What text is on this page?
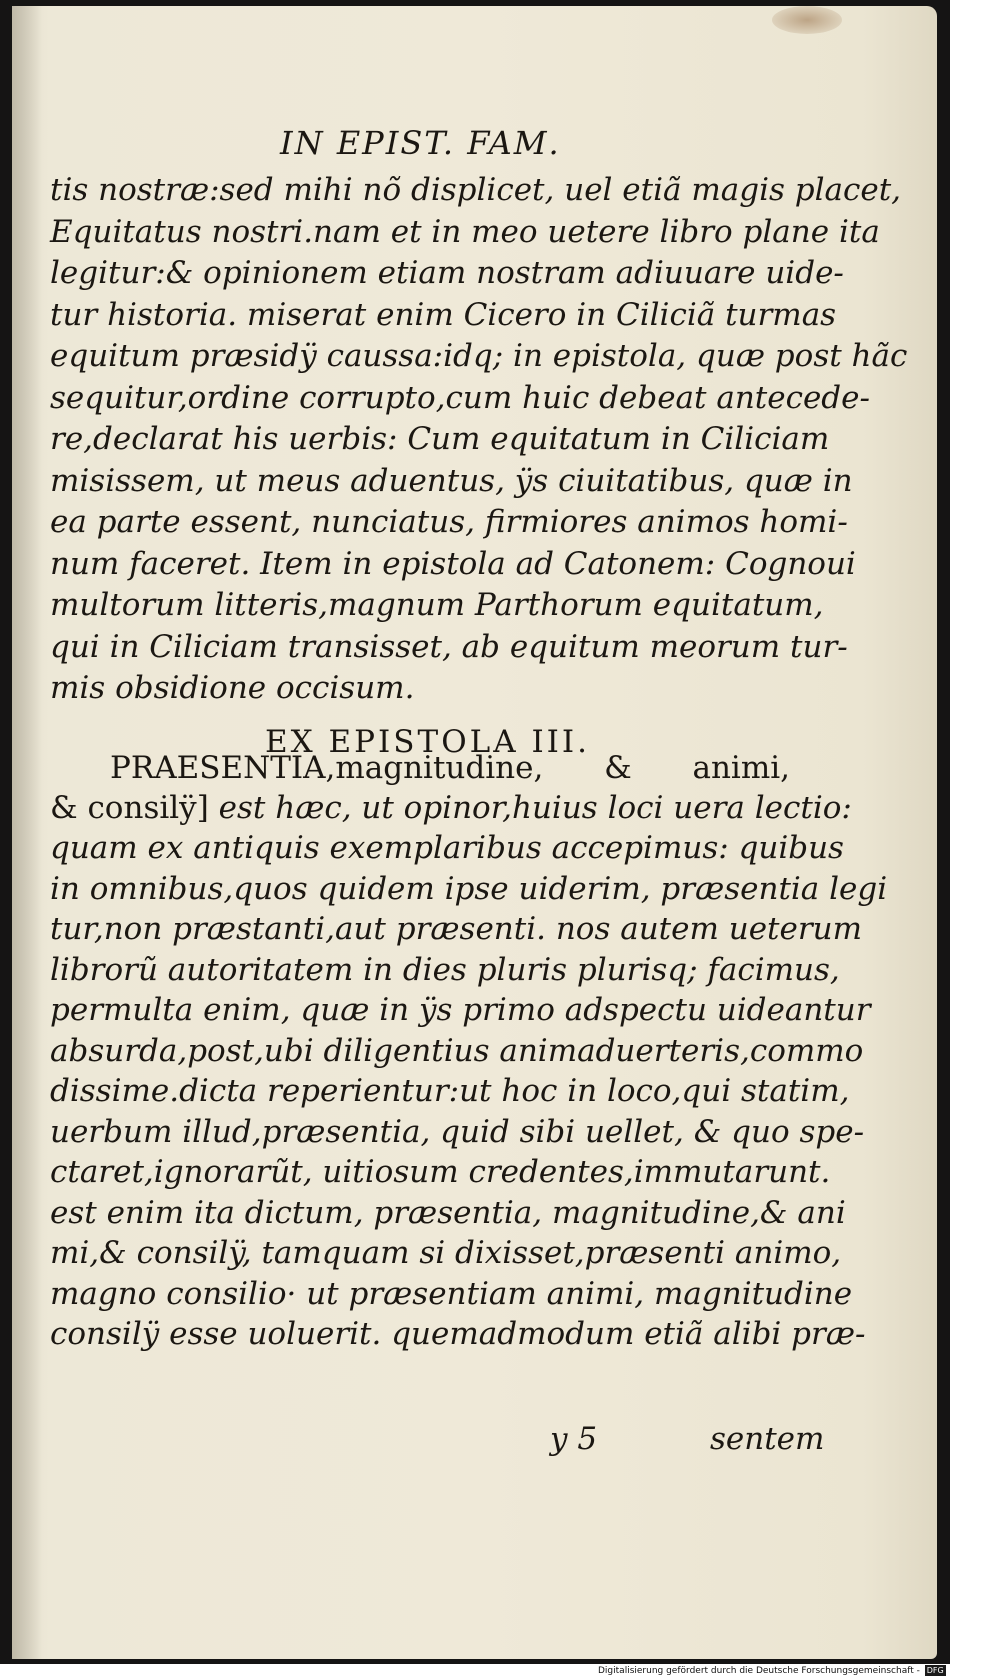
IN EPIST. FAM.
tis nostræ:sed mihi nõ displicet, uel etiã magis placet,
Equitatus nostri.nam et in meo uetere libro plane ita
legitur:& opinionem etiam nostram adiuuare uide-
tur historia. miserat enim Cicero in Ciliciã turmas
equitum præsidÿ caussa:idq; in epistola, quæ post hãc
sequitur,ordine corrupto,cum huic debeat antecede-
re,declarat his uerbis: Cum equitatum in Ciliciam
misissem, ut meus aduentus, ÿs ciuitatibus, quæ in
ea parte essent, nunciatus, firmiores animos homi-
num faceret. Item in epistola ad Catonem: Cognoui
multorum litteris,magnum Parthorum equitatum,
qui in Ciliciam transisset, ab equitum meorum tur-
mis obsidione occisum.
EX EPISTOLA III.
PRAESENTIA,magnitudine, & animi,
& consilÿ] est hæc, ut opinor,huius loci uera lectio:
quam ex antiquis exemplaribus accepimus: quibus
in omnibus,quos quidem ipse uiderim, præsentia legi
tur,non præstanti,aut præsenti. nos autem ueterum
librorũ autoritatem in dies pluris plurisq; facimus,
permulta enim, quæ in ÿs primo adspectu uideantur
absurda,post,ubi diligentius animaduerteris,commo
dissime.dicta reperientur:ut hoc in loco,qui statim,
uerbum illud,præsentia, quid sibi uellet, & quo spe-
ctaret,ignorarũt, uitiosum credentes,immutarunt.
est enim ita dictum, præsentia, magnitudine,& ani
mi,& consilÿ, tamquam si dixisset,præsenti animo,
magno consilio· ut præsentiam animi, magnitudine
consilÿ esse uoluerit. quemadmodum etiã alibi præ-
y 5	sentem
Digitalisierung gefördert durch die Deutsche Forschungsgemeinschaft - DFG
